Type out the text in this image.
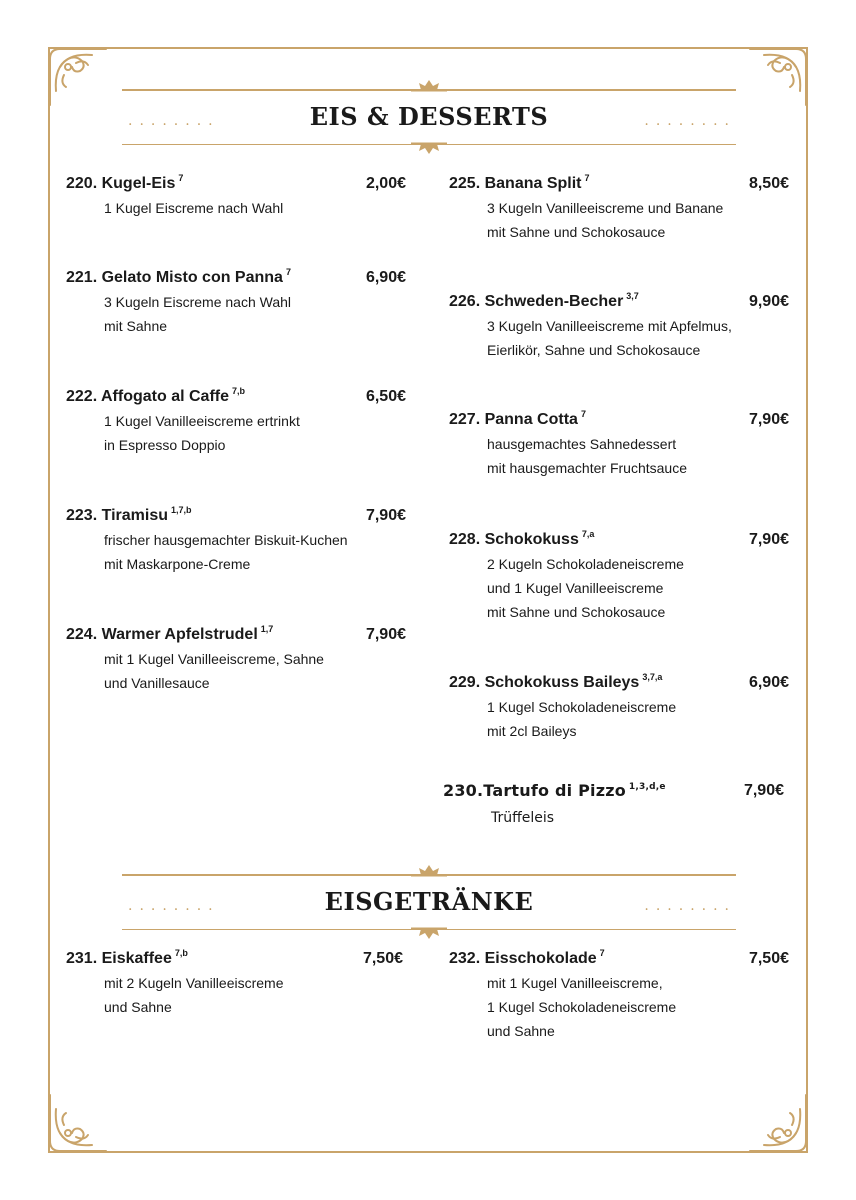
........	EIS & DESSERTS	........
220. Kugel-Eis $^7$	2,00€
1 Kugel Eiscreme nach Wahl
221. Gelato Misto con Panna $^7$	6,90€
3 Kugeln Eiscreme nach Wahl
mit Sahne
222. Affogato al Caffe $^{7,b}$	6,50€
1 Kugel Vanilleeiscreme ertrinkt
in Espresso Doppio
223. Tiramisu $^{1,7,b}$	7,90€
frischer hausgemachter Biskuit-Kuchen
mit Maskarpone-Creme
224. Warmer Apfelstrudel $^{1,7}$	7,90€
mit 1 Kugel Vanilleeiscreme, Sahne
und Vanillesauce
225. Banana Split $^7$	8,50€
3 Kugeln Vanilleeiscreme und Banane
mit Sahne und Schokosauce
226. Schweden-Becher $^{3,7}$	9,90€
3 Kugeln Vanilleeiscreme mit Apfelmus,
Eierlikör, Sahne und Schokosauce
227. Panna Cotta $^7$	7,90€
hausgemachtes Sahnedessert
mit hausgemachter Fruchtsauce
228. Schokokuss $^{7,a}$	7,90€
2 Kugeln Schokoladeneiscreme
und 1 Kugel Vanilleeiscreme
mit Sahne und Schokosauce
229. Schokokuss Baileys $^{3,7,a}$	6,90€
1 Kugel Schokoladeneiscreme
mit 2cl Baileys
230.Tartufo di Pizzo $^{1,3,d,e}$	7,90€
Trüffeleis
........	EISGETRÄNKE	........
231. Eiskaffee $^{7,b}$	7,50€
mit 2 Kugeln Vanilleeiscreme
und Sahne
232. Eisschokolade $^7$	7,50€
mit 1 Kugel Vanilleeiscreme,
1 Kugel Schokoladeneiscreme
und Sahne
